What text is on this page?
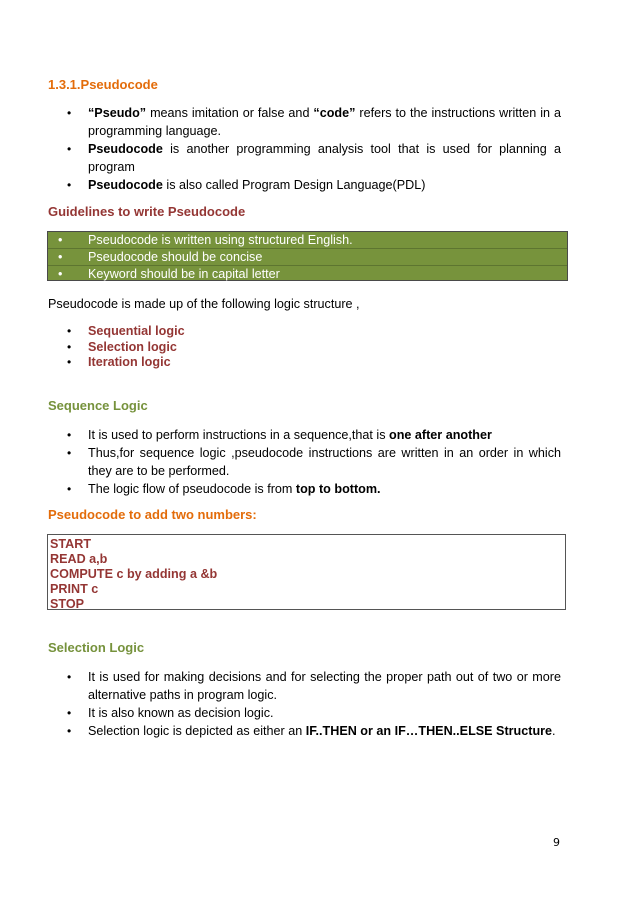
1.3.1.Pseudocode
•
“Pseudo” means imitation or false and “code” refers to the instructions written in a programming language.
•
Pseudocode is another programming analysis tool that is used for planning a program
•
Pseudocode is also called Program Design Language(PDL)
Guidelines to write Pseudocode
•
Pseudocode is written using structured English.
•
Pseudocode should be concise
•
Keyword should be in capital letter
Pseudocode is made up of the following logic structure ,
•
Sequential logic
•
Selection logic
•
Iteration logic
Sequence Logic
•
It is used to perform instructions in a sequence,that is one after another
•
Thus,for sequence logic ,pseudocode instructions are written in an order in which they are to be performed.
•
The logic flow of pseudocode is from top to bottom.
Pseudocode to add two numbers:
START
READ a,b
COMPUTE c by adding a &b
PRINT c
STOP
Selection Logic
•
It is used for making decisions and for selecting the proper path out of two or more alternative paths in program logic.
•
It is also known as decision logic.
•
Selection logic is depicted as either an IF..THEN or an IF…THEN..ELSE Structure.
9
